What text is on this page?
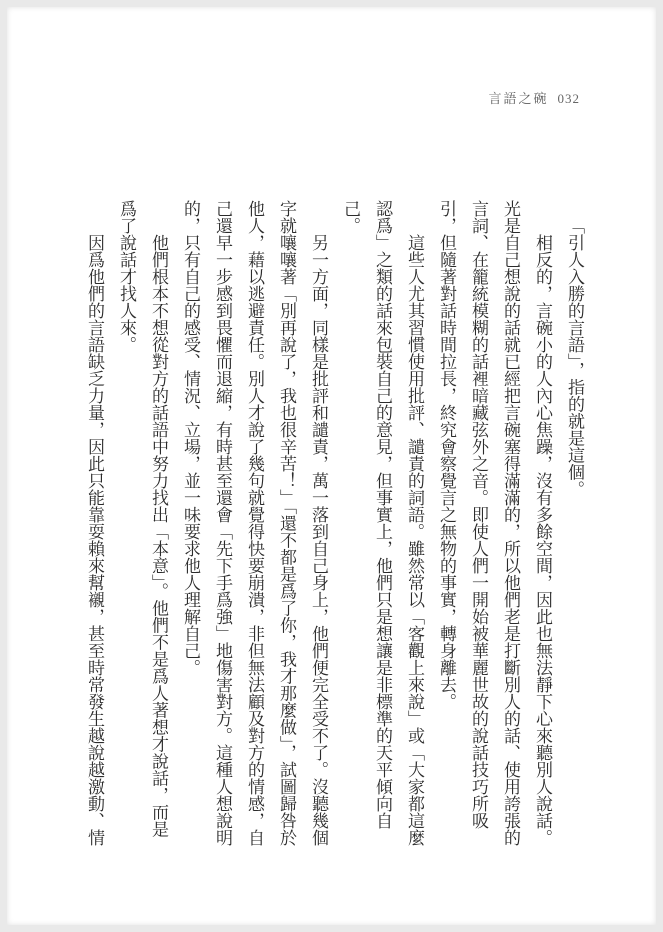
言語之碗 032

「引人入勝的言語」，指的就是這個。

相反的，言碗小的人內心焦躁，沒有多餘空間，因此也無法靜下心來聽別人說話。光是自己想說的話就已經把言碗塞得滿滿的，所以他們老是打斷別人的話、使用誇張的言詞、在籠統模糊的話裡暗藏弦外之音。即使人們一開始被華麗世故的說話技巧所吸引，但隨著對話時間拉長，終究會察覺言之無物的事實，轉身離去。

這些人尤其習慣使用批評、譴責的詞語。雖然常以「客觀上來說」或「大家都這麼認爲」之類的話來包裝自己的意見，但事實上，他們只是想讓是非標準的天平傾向自己。

另一方面，同樣是批評和譴責，萬一落到自己身上，他們便完全受不了。沒聽幾個字就嚷嚷著「別再說了，我也很辛苦！」「還不都是爲了你，我才那麼做」，試圖歸咎於他人，藉以逃避責任。別人才說了幾句就覺得快要崩潰，非但無法顧及對方的情感，自己還早一步感到畏懼而退縮，有時甚至還會「先下手爲強」地傷害對方。這種人想說明的，只有自己的感受、情況、立場，並一味要求他人理解自己。

他們根本不想從對方的話語中努力找出「本意」。他們不是爲人著想才說話，而是爲了說話才找人來。

因爲他們的言語缺乏力量，因此只能靠耍賴來幫襯，甚至時常發生越說越激動、情
